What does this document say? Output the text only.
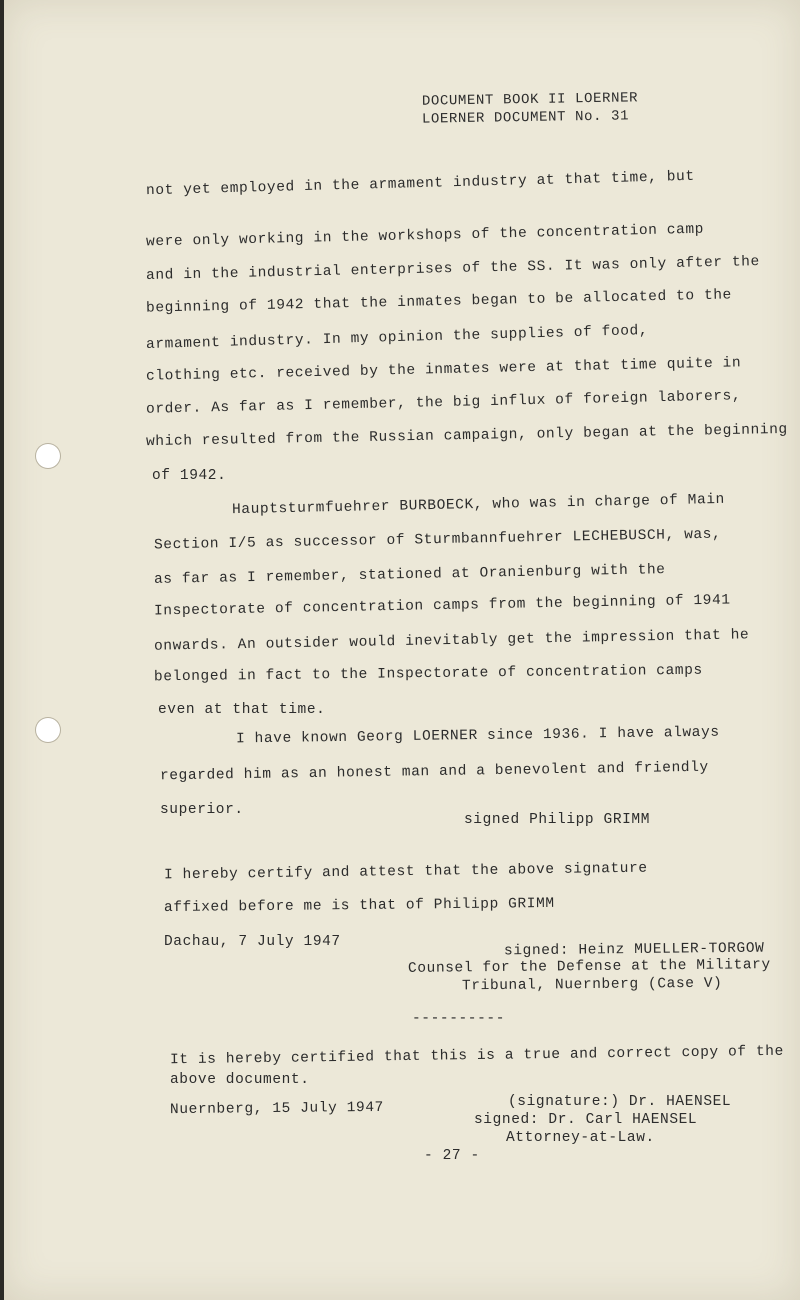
DOCUMENT BOOK II LOERNER
LOERNER DOCUMENT No. 31
not yet employed in the armament industry at that time, but
were only working in the workshops of the concentration camp
and in the industrial enterprises of the SS. It was only after the
beginning of 1942 that the inmates began to be allocated to the
armament industry. In my opinion the supplies of food,
clothing etc. received by the inmates were at that time quite in
order. As far as I remember, the big influx of foreign laborers,
which resulted from the Russian campaign, only began at the beginning
of 1942.
Hauptsturmfuehrer BURBOECK, who was in charge of Main
Section I/5 as successor of Sturmbannfuehrer LECHEBUSCH, was,
as far as I remember, stationed at Oranienburg with the
Inspectorate of concentration camps from the beginning of 1941
onwards. An outsider would inevitably get the impression that he
belonged in fact to the Inspectorate of concentration camps
even at that time.
I have known Georg LOERNER since 1936. I have always
regarded him as an honest man and a benevolent and friendly
superior.
signed Philipp GRIMM
I hereby certify and attest that the above signature
affixed before me is that of Philipp GRIMM
Dachau, 7 July 1947	signed: Heinz MUELLER-TORGOW
Counsel for the Defense at the Military
Tribunal, Nuernberg (Case V)
----------
It is hereby certified that this is a true and correct copy of the
above document.
Nuernberg, 15 July 1947	(signature:) Dr. HAENSEL
signed: Dr. Carl HAENSEL
Attorney-at-Law.
- 27 -
